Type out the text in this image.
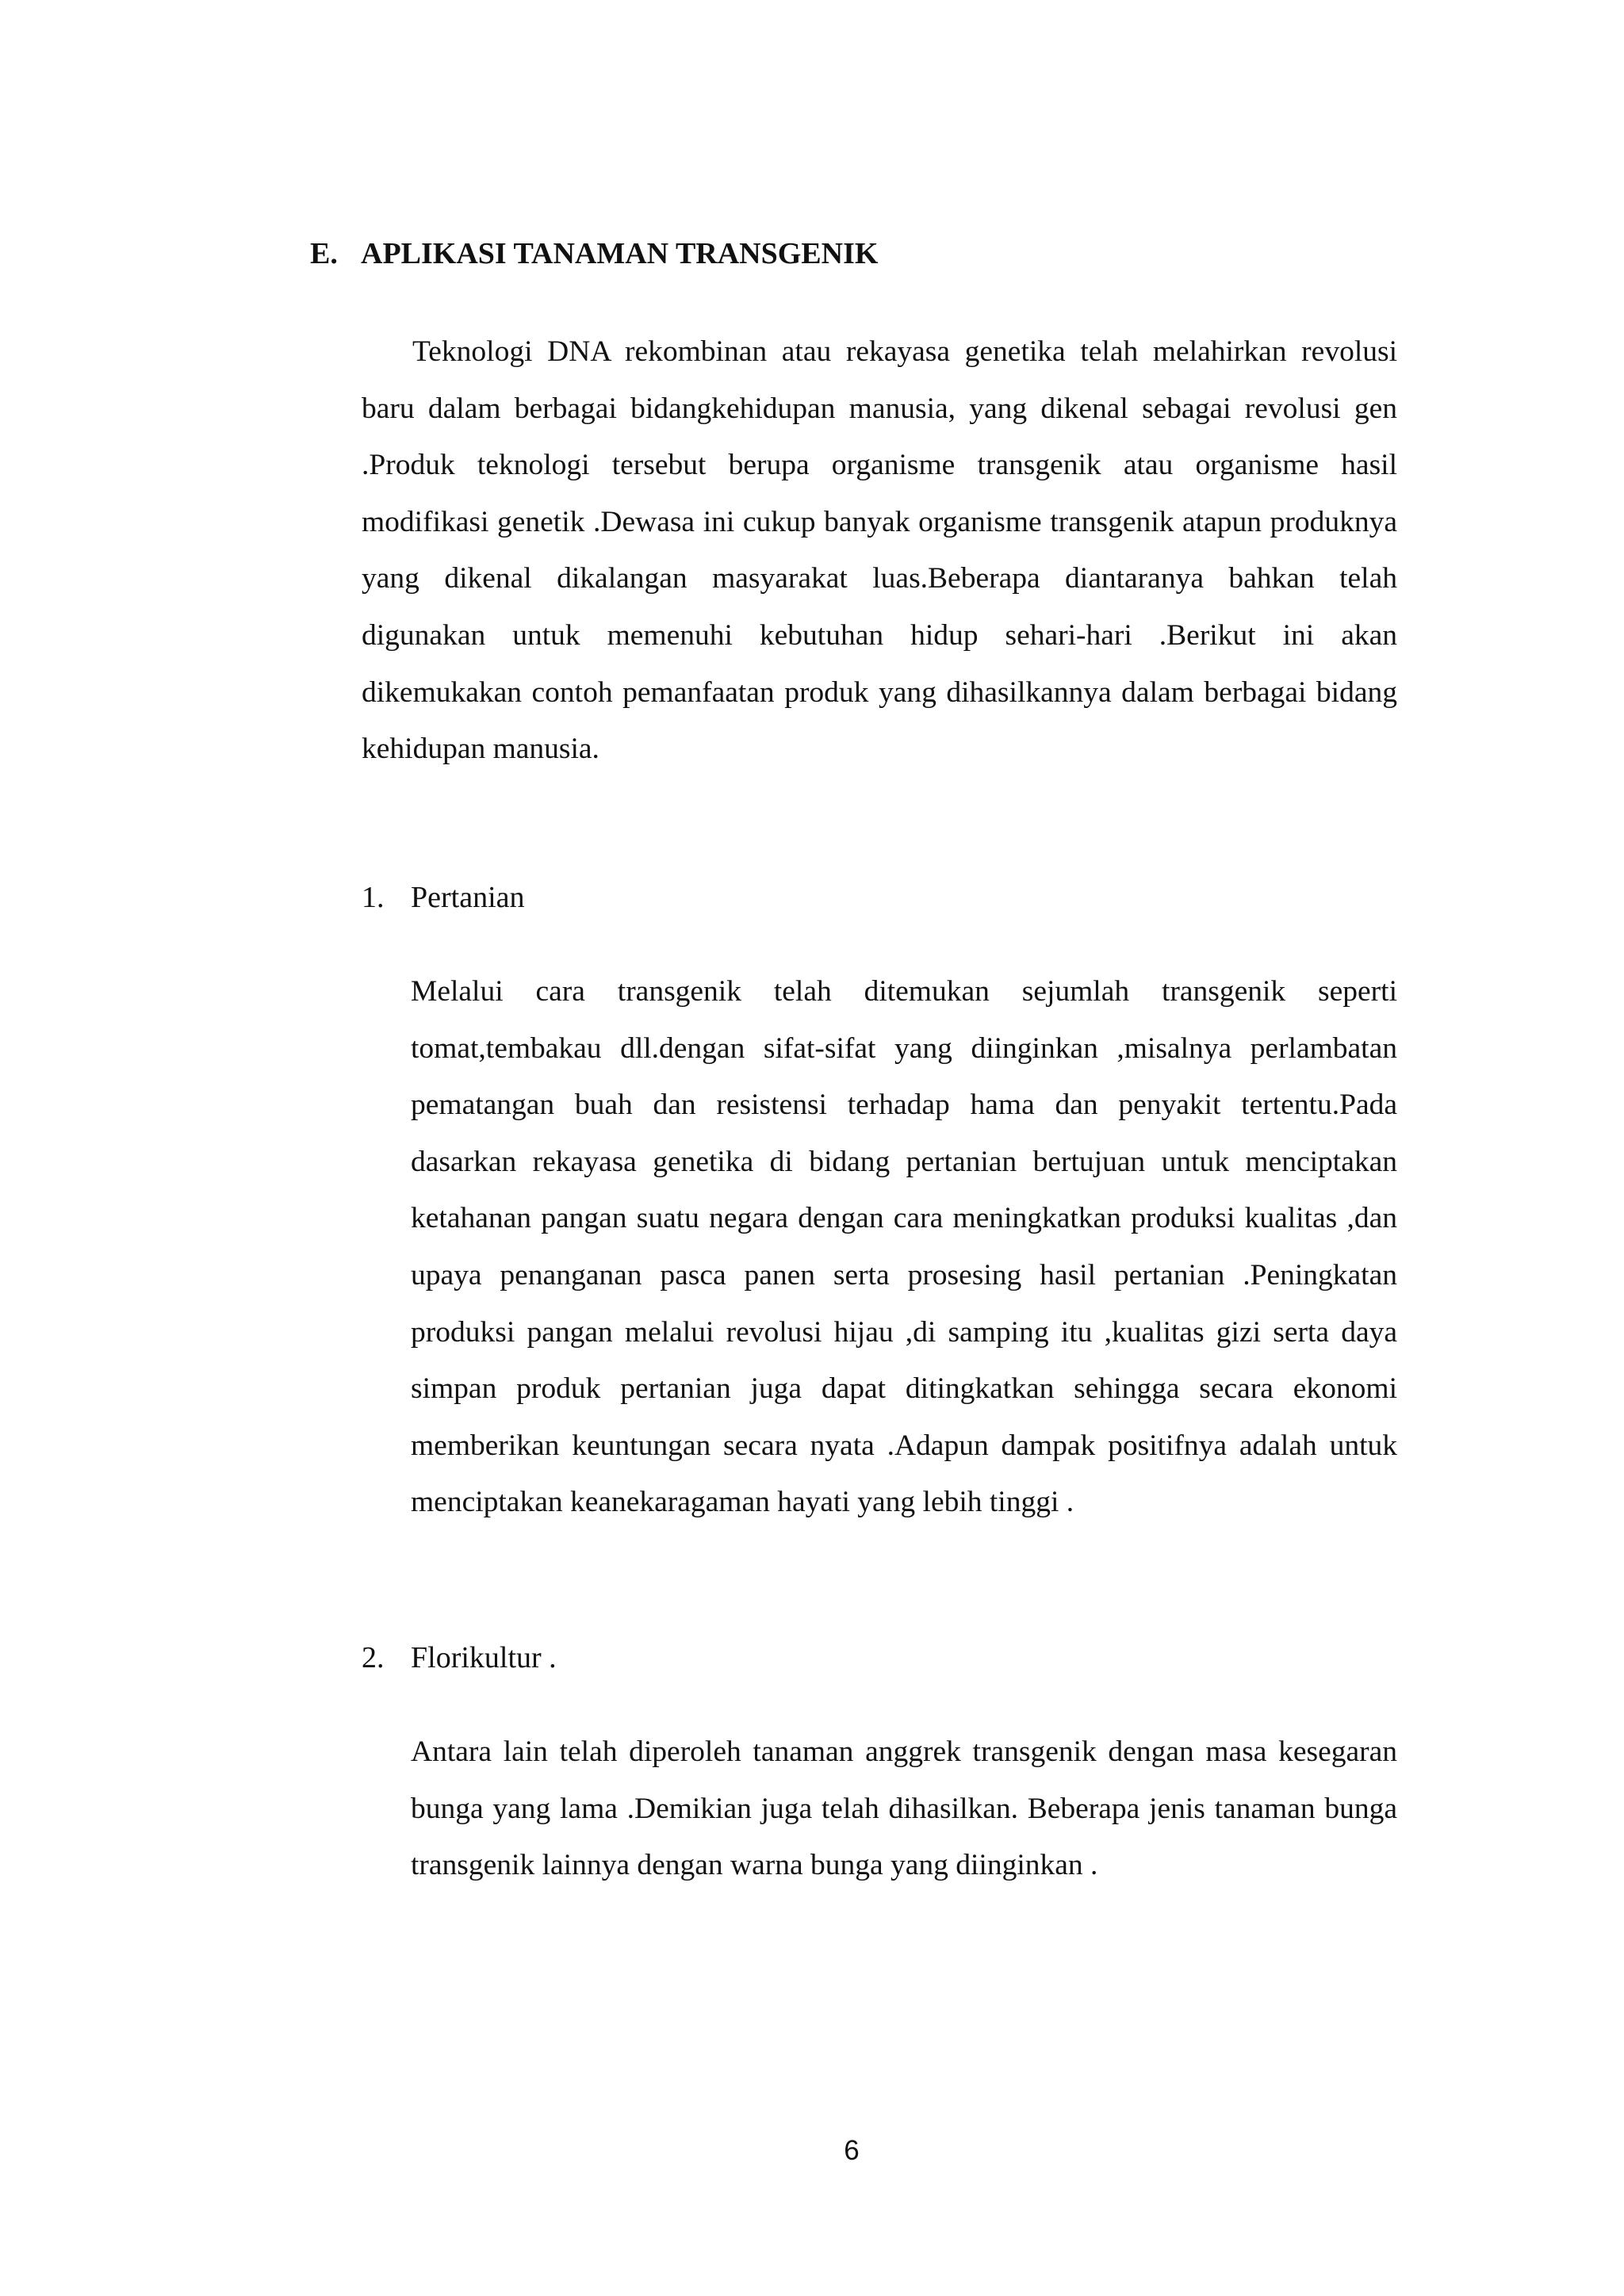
E. APLIKASI TANAMAN TRANSGENIK

Teknologi DNA rekombinan atau rekayasa genetika telah melahirkan revolusi baru dalam berbagai bidangkehidupan manusia, yang dikenal sebagai revolusi gen .Produk teknologi tersebut berupa organisme transgenik atau organisme hasil modifikasi genetik .Dewasa ini cukup banyak organisme transgenik atapun produknya yang dikenal dikalangan masyarakat luas.Beberapa diantaranya bahkan telah digunakan untuk memenuhi kebutuhan hidup sehari-hari .Berikut ini akan dikemukakan contoh pemanfaatan produk yang dihasilkannya dalam berbagai bidang kehidupan manusia.

1. Pertanian

Melalui cara transgenik telah ditemukan sejumlah transgenik seperti tomat,tembakau dll.dengan sifat-sifat yang diinginkan ,misalnya perlambatan pematangan buah dan resistensi terhadap hama dan penyakit tertentu.Pada dasarkan rekayasa genetika di bidang pertanian bertujuan untuk menciptakan ketahanan pangan suatu negara dengan cara meningkatkan produksi kualitas ,dan upaya penanganan pasca panen serta prosesing hasil pertanian .Peningkatan produksi pangan melalui revolusi hijau ,di samping itu ,kualitas gizi serta daya simpan produk pertanian juga dapat ditingkatkan sehingga secara ekonomi memberikan keuntungan secara nyata .Adapun dampak positifnya adalah untuk menciptakan keanekaragaman hayati yang lebih tinggi .

2. Florikultur .

Antara lain telah diperoleh tanaman anggrek transgenik dengan masa kesegaran bunga yang lama .Demikian juga telah dihasilkan. Beberapa jenis tanaman bunga transgenik lainnya dengan warna bunga yang diinginkan .

6
